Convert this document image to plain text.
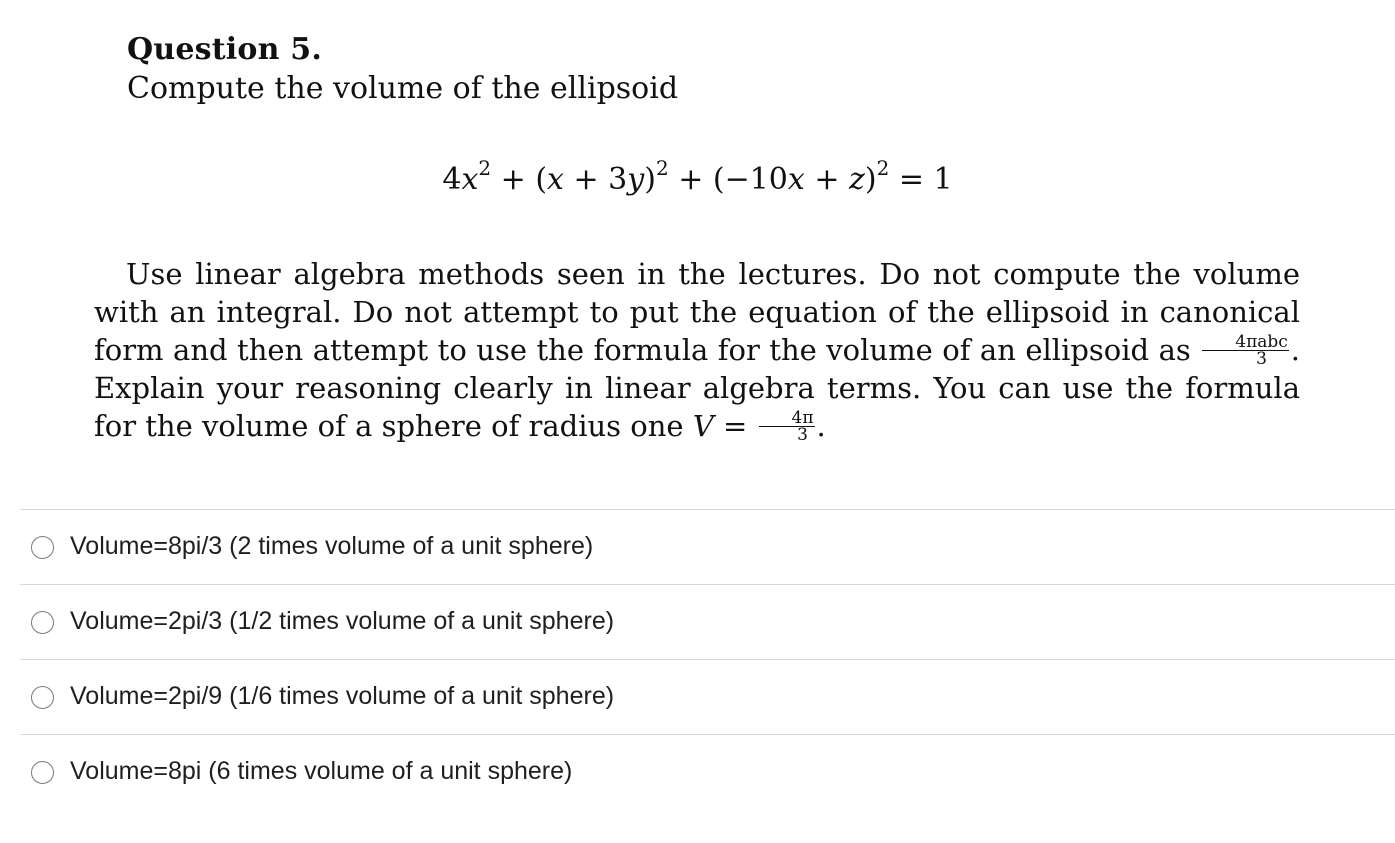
Question 5.
Compute the volume of the ellipsoid
$4x^2 + (x + 3y)^2 + (-10x + z)^2 = 1$
Use linear algebra methods seen in the lectures. Do not compute the volume with an integral. Do not attempt to put the equation of the ellipsoid in canonical form and then attempt to use the formula for the volume of an ellipsoid as $\frac{\text{4πabc}}{3}$ . Explain your reasoning clearly in linear algebra terms. You can use the formula for the volume of a sphere of radius one $V = \frac{4\pi}{3}$ .
Volume=8pi/3 (2 times volume of a unit sphere)
Volume=2pi/3 (1/2 times volume of a unit sphere)
Volume=2pi/9 (1/6 times volume of a unit sphere)
Volume=8pi (6 times volume of a unit sphere)
